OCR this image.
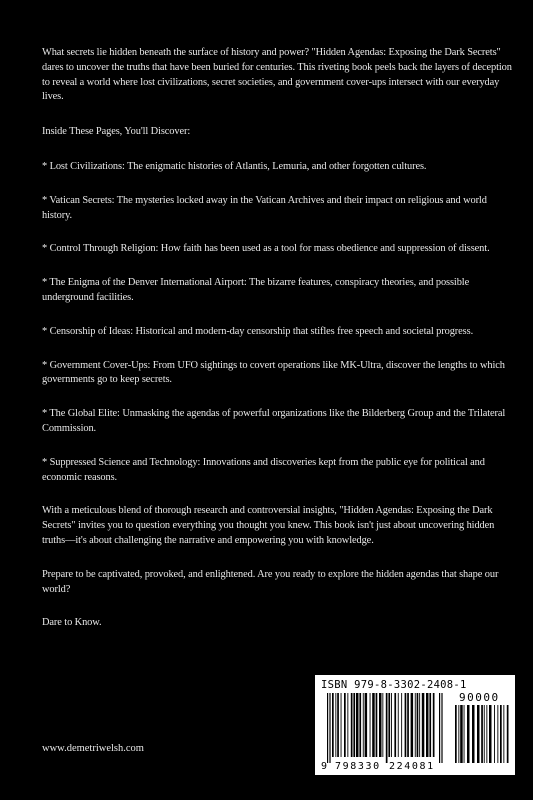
What secrets lie hidden beneath the surface of history and power? "Hidden Agendas: Exposing the Dark Secrets" dares to uncover the truths that have been buried for centuries. This riveting book peels back the layers of deception to reveal a world where lost civilizations, secret societies, and government cover-ups intersect with our everyday lives.

Inside These Pages, You'll Discover:

* Lost Civilizations: The enigmatic histories of Atlantis, Lemuria, and other forgotten cultures.

* Vatican Secrets: The mysteries locked away in the Vatican Archives and their impact on religious and world history.

* Control Through Religion: How faith has been used as a tool for mass obedience and suppression of dissent.

* The Enigma of the Denver International Airport: The bizarre features, conspiracy theories, and possible underground facilities.

* Censorship of Ideas: Historical and modern-day censorship that stifles free speech and societal progress.

* Government Cover-Ups: From UFO sightings to covert operations like MK-Ultra, discover the lengths to which governments go to keep secrets.

* The Global Elite: Unmasking the agendas of powerful organizations like the Bilderberg Group and the Trilateral Commission.

* Suppressed Science and Technology: Innovations and discoveries kept from the public eye for political and economic reasons.

With a meticulous blend of thorough research and controversial insights, "Hidden Agendas: Exposing the Dark Secrets" invites you to question everything you thought you knew. This book isn't just about uncovering hidden truths—it's about challenging the narrative and empowering you with knowledge.

Prepare to be captivated, provoked, and enlightened. Are you ready to explore the hidden agendas that shape our world?

Dare to Know.

www.demetriwelsh.com
ISBN 979-8-3302-2408-1
90000
9 798330 224081
